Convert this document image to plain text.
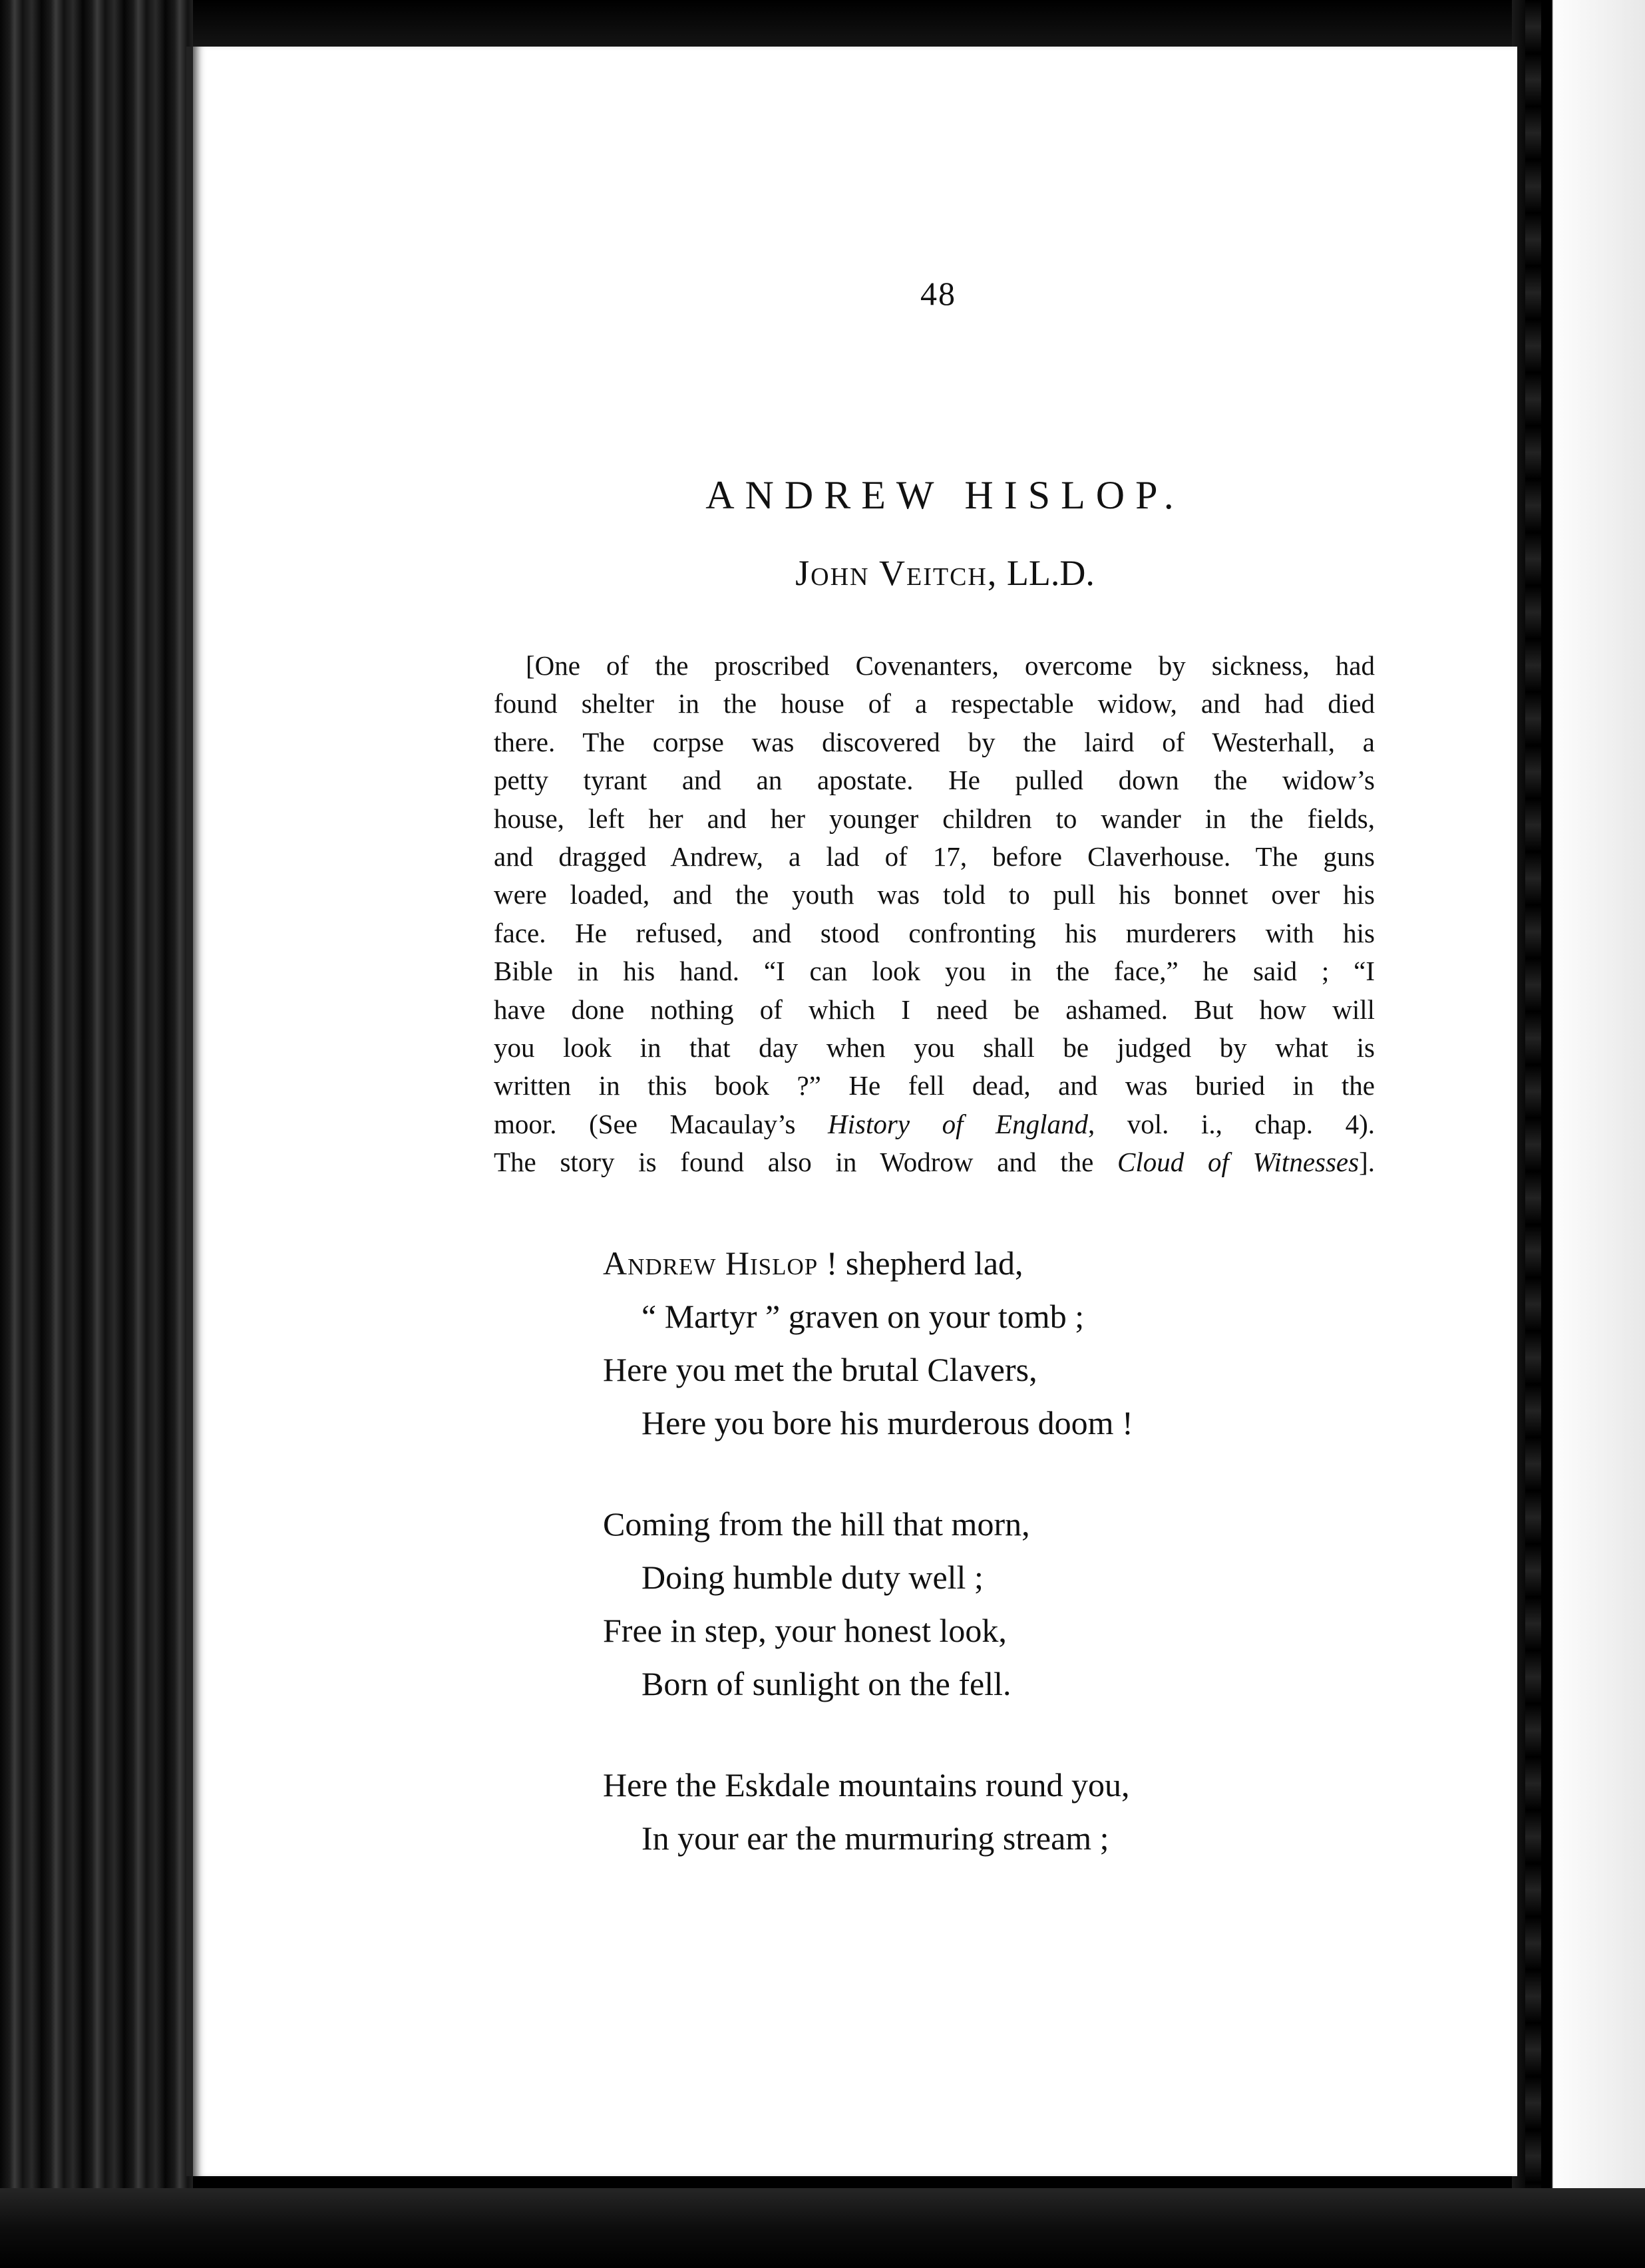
48
ANDREW HISLOP.
John Veitch, LL.D.
[One of the proscribed Covenanters, overcome by sickness, had
found shelter in the house of a respectable widow, and had died
there. The corpse was discovered by the laird of Westerhall, a
petty tyrant and an apostate. He pulled down the widow’s
house, left her and her younger children to wander in the fields,
and dragged Andrew, a lad of 17, before Claverhouse. The guns
were loaded, and the youth was told to pull his bonnet over his
face. He refused, and stood confronting his murderers with his
Bible in his hand. “I can look you in the face,” he said ; “I
have done nothing of which I need be ashamed. But how will
you look in that day when you shall be judged by what is
written in this book ?” He fell dead, and was buried in the
moor. (See Macaulay’s History of England, vol. i., chap. 4).
The story is found also in Wodrow and the Cloud of Witnesses].
Andrew Hislop ! shepherd lad,
“ Martyr ” graven on your tomb ;
Here you met the brutal Clavers,
Here you bore his murderous doom !
Coming from the hill that morn,
Doing humble duty well ;
Free in step, your honest look,
Born of sunlight on the fell.
Here the Eskdale mountains round you,
In your ear the murmuring stream ;
